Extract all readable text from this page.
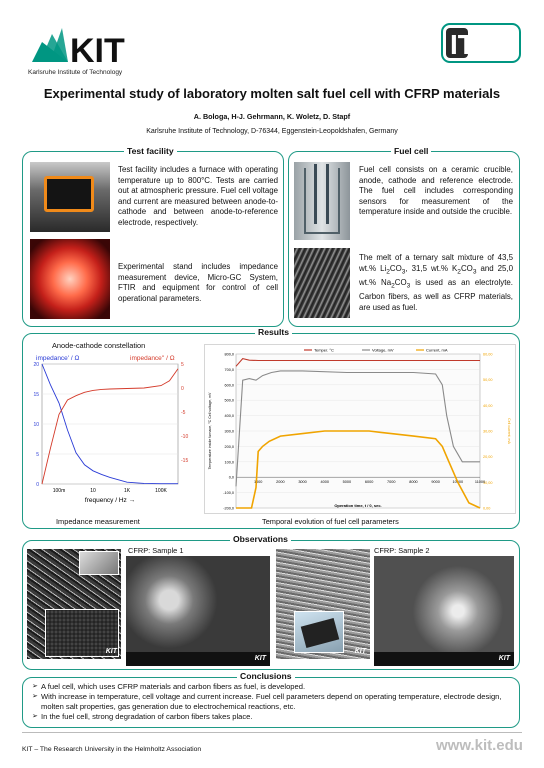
KIT
Karlsruhe Institute of Technology
ITC
Experimental study of laboratory molten salt fuel cell with CFRP materials
A. Bologa, H-J. Gehrmann, K. Woletz, D. Stapf
Karlsruhe Institute of Technology, D-76344, Eggenstein-Leopoldshafen, Germany
Test facility
Test facility includes a furnace with operating temperature up to 800°C. Tests are carried out at atmospheric pressure. Fuel cell voltage and current are measured between anode-to-cathode and between anode-to-reference electrode, respectively.
Experimental stand includes impedance measurement device, Micro-GC System, FTIR and equipment for control of cell operational parameters.
Fuel cell
Fuel cell consists on a ceramic crucible, anode, cathode and reference electrode. The fuel cell includes corresponding sensors for measurement of the temperature inside and outside the crucible.
The melt of a ternary salt mixture of 43,5 wt.% $Li_2CO_3$, 31,5 wt.% $K_2CO_3$ and 25,0 wt.% $Na_2CO_3$ is used as an electrolyte. Carbon fibers, as well as CFRP materials, are used as fuel.
Results
Anode-cathode constellation
20
15
10
5
0
5
0
-5
-10
-15
100m	10	1K	100K
impedance' / Ω	impedance'' / Ω
frequency / Hz →
Impedance measurement
800,0
700,0
600,0
500,0
400,0
300,0
200,0
100,0
0,0
-100,0
-200,0
60,00
50,00
40,00
30,00
20,00
10,00
0,00
1000	2000	3000	4000	5000	6000	7000	8000	9000	10000	11000
Temper. °C	Voltage, mV	Current, mA
Operation time, t / 0, sec.
Temperature inside furnace, °C Cell voltage, mV	Cell current, mA
Temporal evolution of fuel cell parameters
Observations
CFRP: Sample 1	CFRP: Sample 2
KIT
KIT
KIT
KIT
Conclusions
➢ A fuel cell, which uses CFRP materials and carbon fibers as fuel, is developed.
➢ With increase in temperature, cell voltage and current increase. Fuel cell parameters depend on operating temperature, electrode design, molten salt properties, gas generation due to electrochemical reactions, etc.
➢ In the fuel cell, strong degradation of carbon fibers takes place.
KIT – The Research University in the Helmholtz Association	www.kit.edu
